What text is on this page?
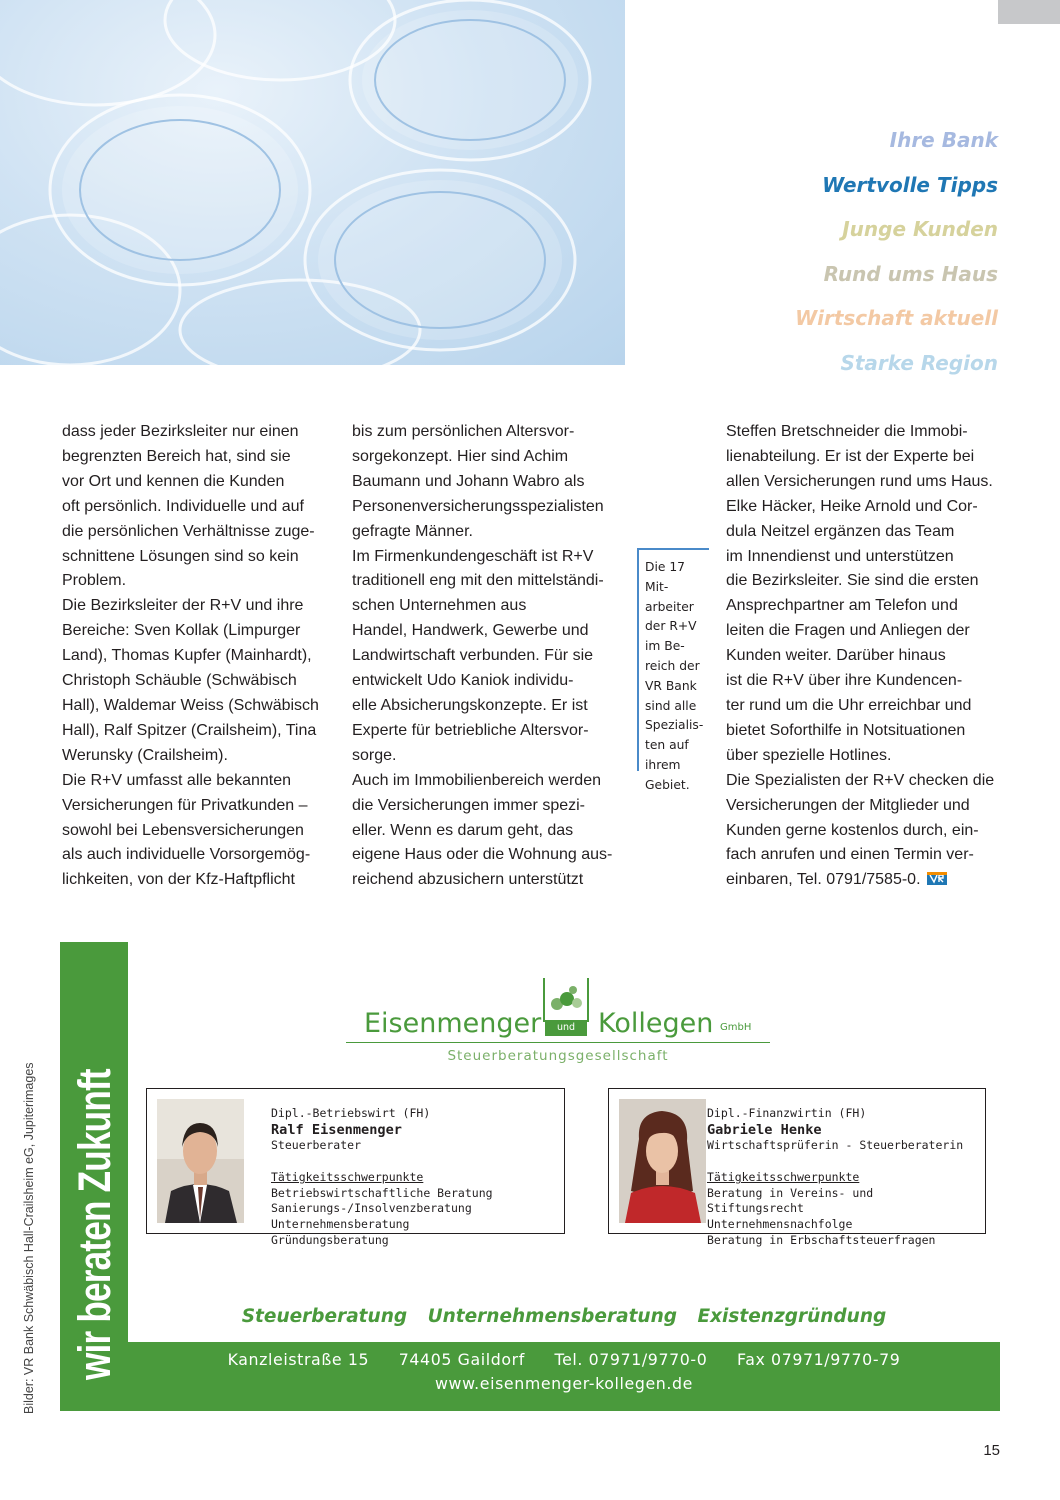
Ihre Bank
Wertvolle Tipps
Junge Kunden
Rund ums Haus
Wirtschaft aktuell
Starke Region

dass jeder Bezirksleiter nur einen
begrenzten Bereich hat, sind sie
vor Ort und kennen die Kunden
oft persönlich. Individuelle und auf
die persönlichen Verhältnisse zuge-
schnittene Lösungen sind so kein
Problem.
Die Bezirksleiter der R+V und ihre
Bereiche: Sven Kollak (Limpurger
Land), Thomas Kupfer (Mainhardt),
Christoph Schäuble (Schwäbisch
Hall), Waldemar Weiss (Schwäbisch
Hall), Ralf Spitzer (Crailsheim), Tina
Werunsky (Crailsheim).
Die R+V umfasst alle bekannten
Versicherungen für Privatkunden –
sowohl bei Lebensversicherungen
als auch individuelle Vorsorgemög-
lichkeiten, von der Kfz-Haftpflicht

bis zum persönlichen Altersvor-
sorgekonzept. Hier sind Achim
Baumann und Johann Wabro als
Personenversicherungsspezialisten
gefragte Männer.
Im Firmenkundengeschäft ist R+V
traditionell eng mit den mittelständi-
schen Unternehmen aus
Handel, Handwerk, Gewerbe und
Landwirtschaft verbunden. Für sie
entwickelt Udo Kaniok individu-
elle Absicherungskonzepte. Er ist
Experte für betriebliche Altersvor-
sorge.
Auch im Immobilienbereich werden
die Versicherungen immer spezi-
eller. Wenn es darum geht, das
eigene Haus oder die Wohnung aus-
reichend abzusichern unterstützt

Steffen Bretschneider die Immobi-
lienabteilung. Er ist der Experte bei
allen Versicherungen rund ums Haus.
Elke Häcker, Heike Arnold und Cor-
dula Neitzel ergänzen das Team
im Innendienst und unterstützen
die Bezirksleiter. Sie sind die ersten
Ansprechpartner am Telefon und
leiten die Fragen und Anliegen der
Kunden weiter. Darüber hinaus
ist die R+V über ihre Kundencen-
ter rund um die Uhr erreichbar und
bietet Soforthilfe in Notsituationen
über spezielle Hotlines.
Die Spezialisten der R+V checken die
Versicherungen der Mitglieder und
Kunden gerne kostenlos durch, ein-
fach anrufen und einen Termin ver-
einbaren, Tel. 0791/7585-0.

Die 17 Mit-
arbeiter
der R+V
im Be-
reich der
VR Bank
sind alle
Spezialis-
ten auf
ihrem
Gebiet.
Bilder: VR Bank Schwäbisch Hall-Crailsheim eG, Jupiterimages wir beraten Zukunft
Eisenmenger	und Kollegen GmbH
Steuerberatungsgesellschaft
Dipl.-Betriebswirt (FH)
Ralf Eisenmenger
Steuerberater
Tätigkeitsschwerpunkte
Betriebswirtschaftliche Beratung
Sanierungs-/Insolvenzberatung
Unternehmensberatung
Gründungsberatung
Dipl.-Finanzwirtin (FH)
Gabriele Henke
Wirtschaftsprüferin - Steuerberaterin
Tätigkeitsschwerpunkte
Beratung in Vereins- und
Stiftungsrecht
Unternehmensnachfolge
Beratung in Erbschaftsteuerfragen
Steuerberatung Unternehmensberatung Existenzgründung
Kanzleistraße 15 74405 Gaildorf Tel. 07971/9770-0 Fax 07971/9770-79
www.eisenmenger-kollegen.de
15
